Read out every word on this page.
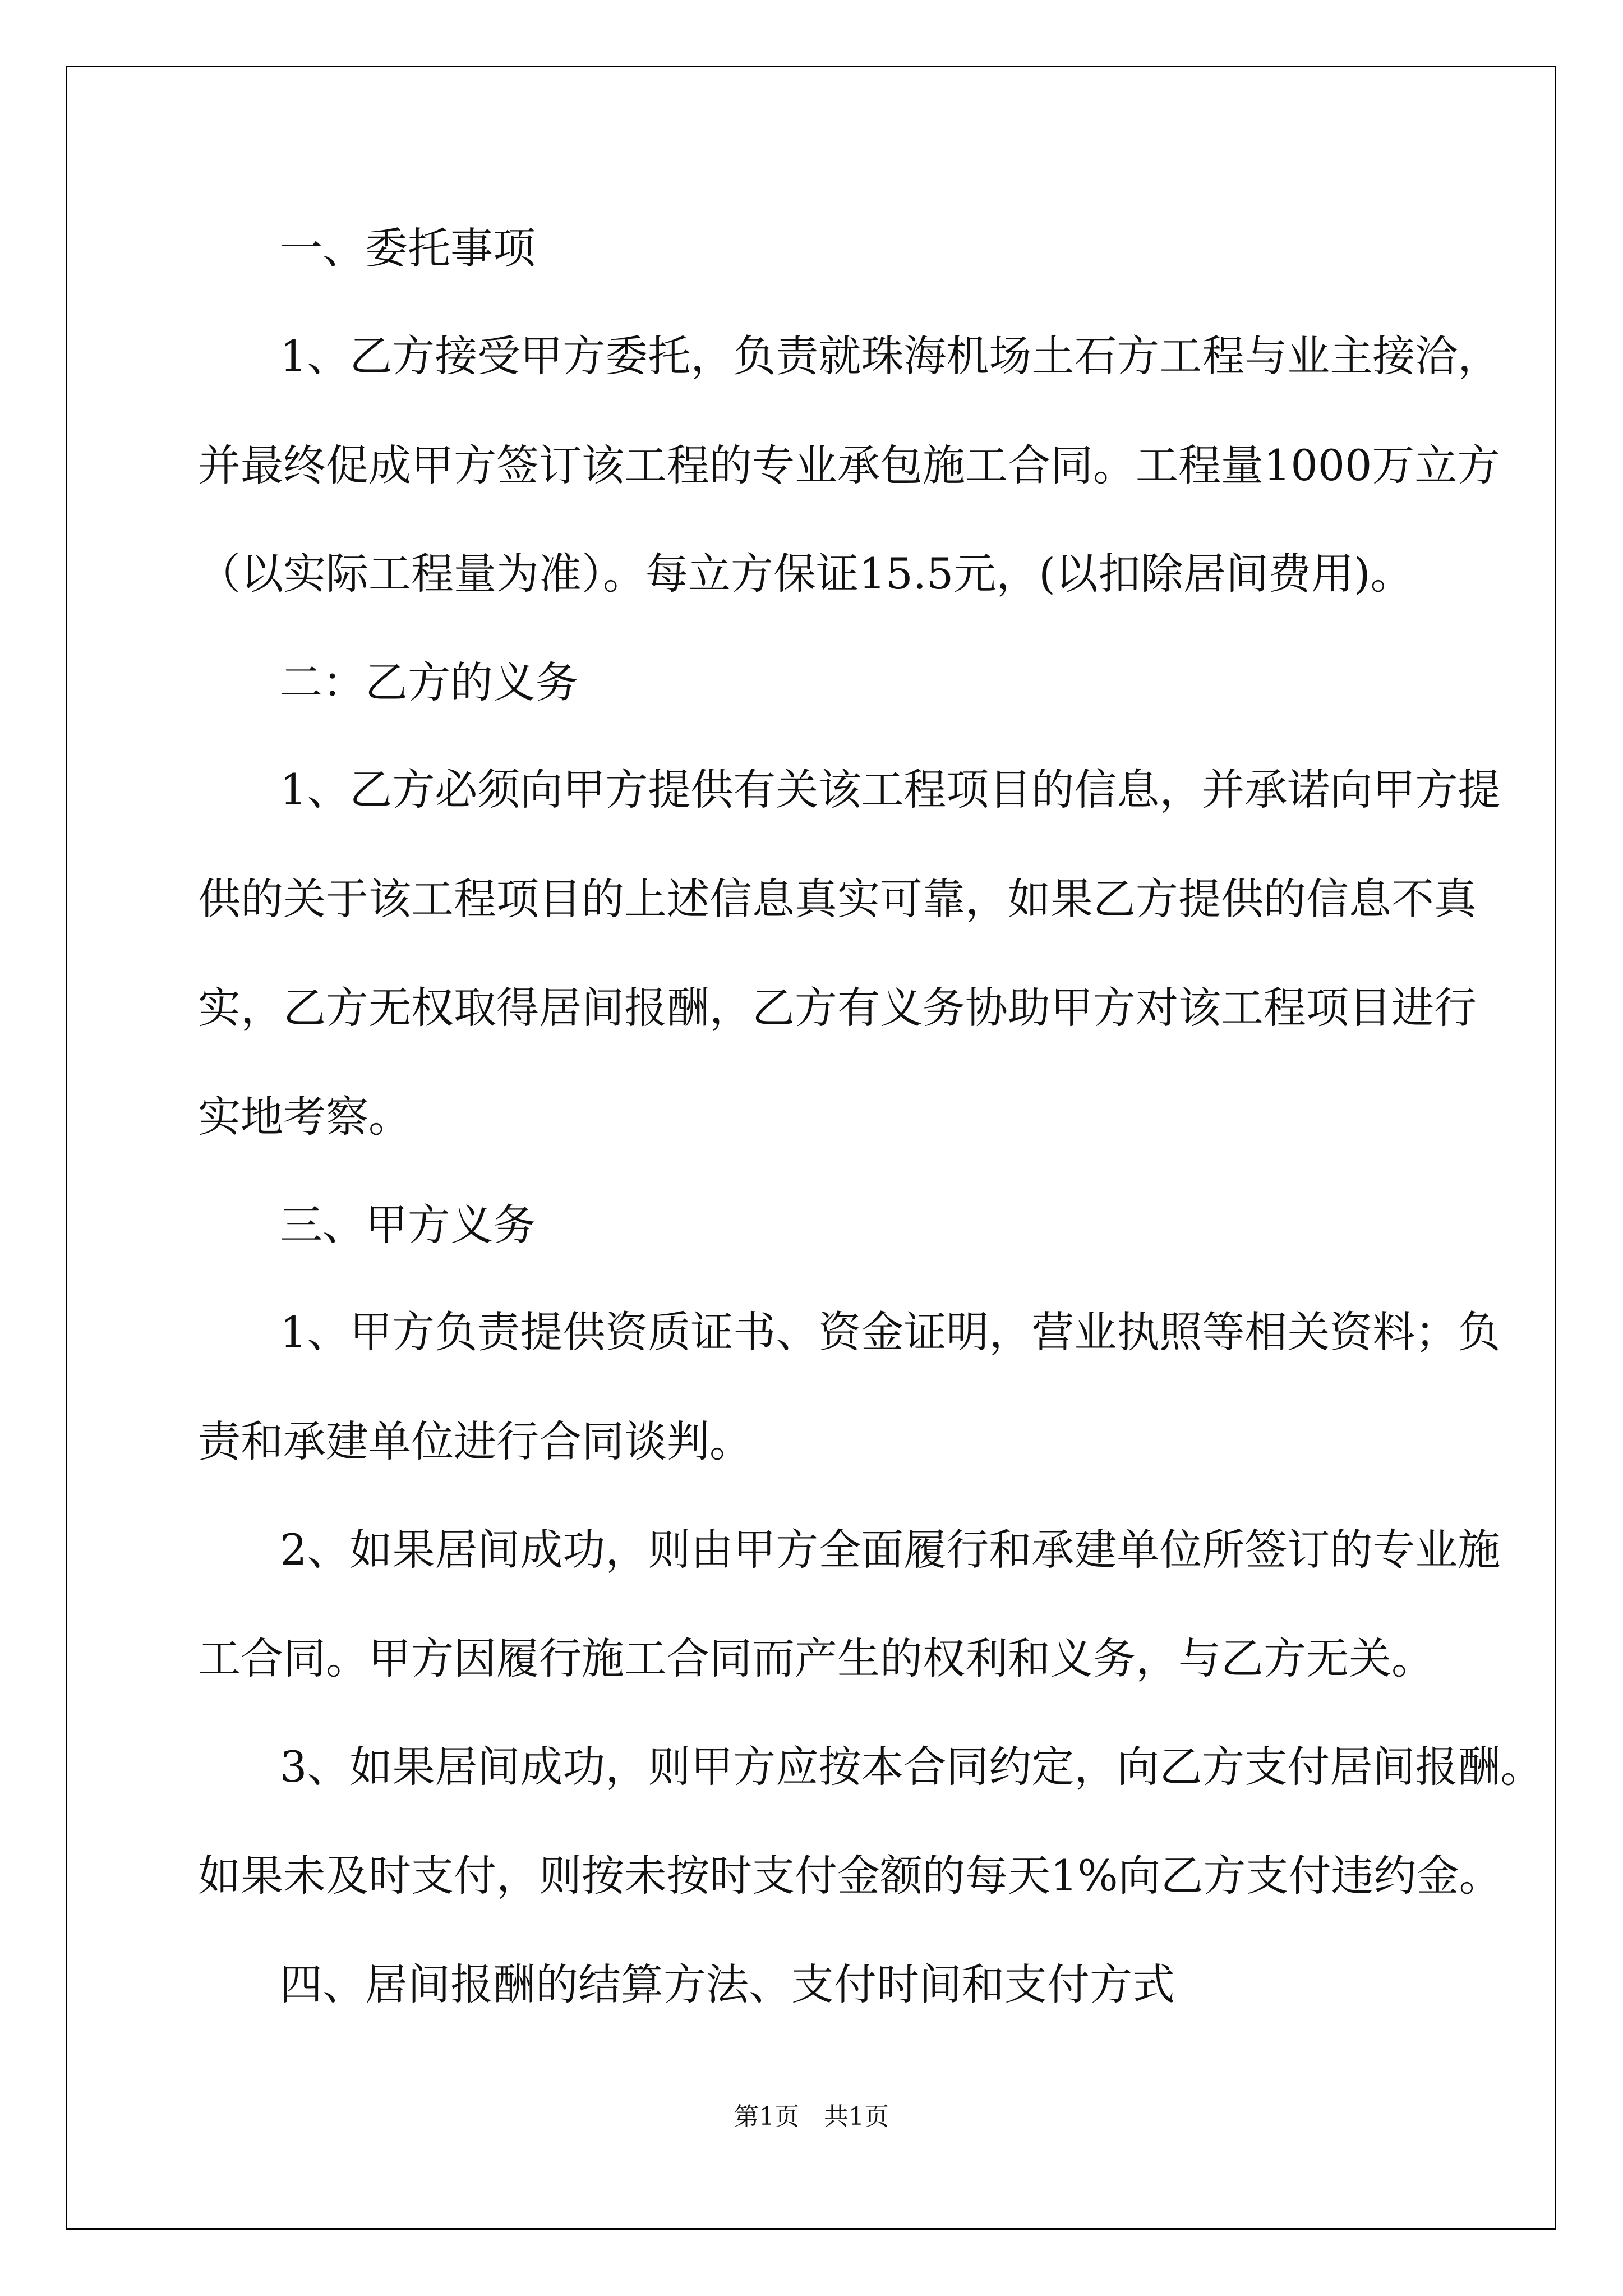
一、委托事项
1、乙方接受甲方委托，负责就珠海机场土石方工程与业主接洽，
并最终促成甲方签订该工程的专业承包施工合同。工程量1000万立方
（以实际工程量为准）。每立方保证15.5元，(以扣除居间费用)。
二：乙方的义务
1、乙方必须向甲方提供有关该工程项目的信息，并承诺向甲方提
供的关于该工程项目的上述信息真实可靠，如果乙方提供的信息不真
实，乙方无权取得居间报酬，乙方有义务协助甲方对该工程项目进行
实地考察。
三、甲方义务
1、甲方负责提供资质证书、资金证明，营业执照等相关资料；负
责和承建单位进行合同谈判。
2、如果居间成功，则由甲方全面履行和承建单位所签订的专业施
工合同。甲方因履行施工合同而产生的权利和义务，与乙方无关。
3、如果居间成功，则甲方应按本合同约定，向乙方支付居间报酬。
如果未及时支付，则按未按时支付金额的每天1%向乙方支付违约金。
四、居间报酬的结算方法、支付时间和支付方式
第1页　共1页
